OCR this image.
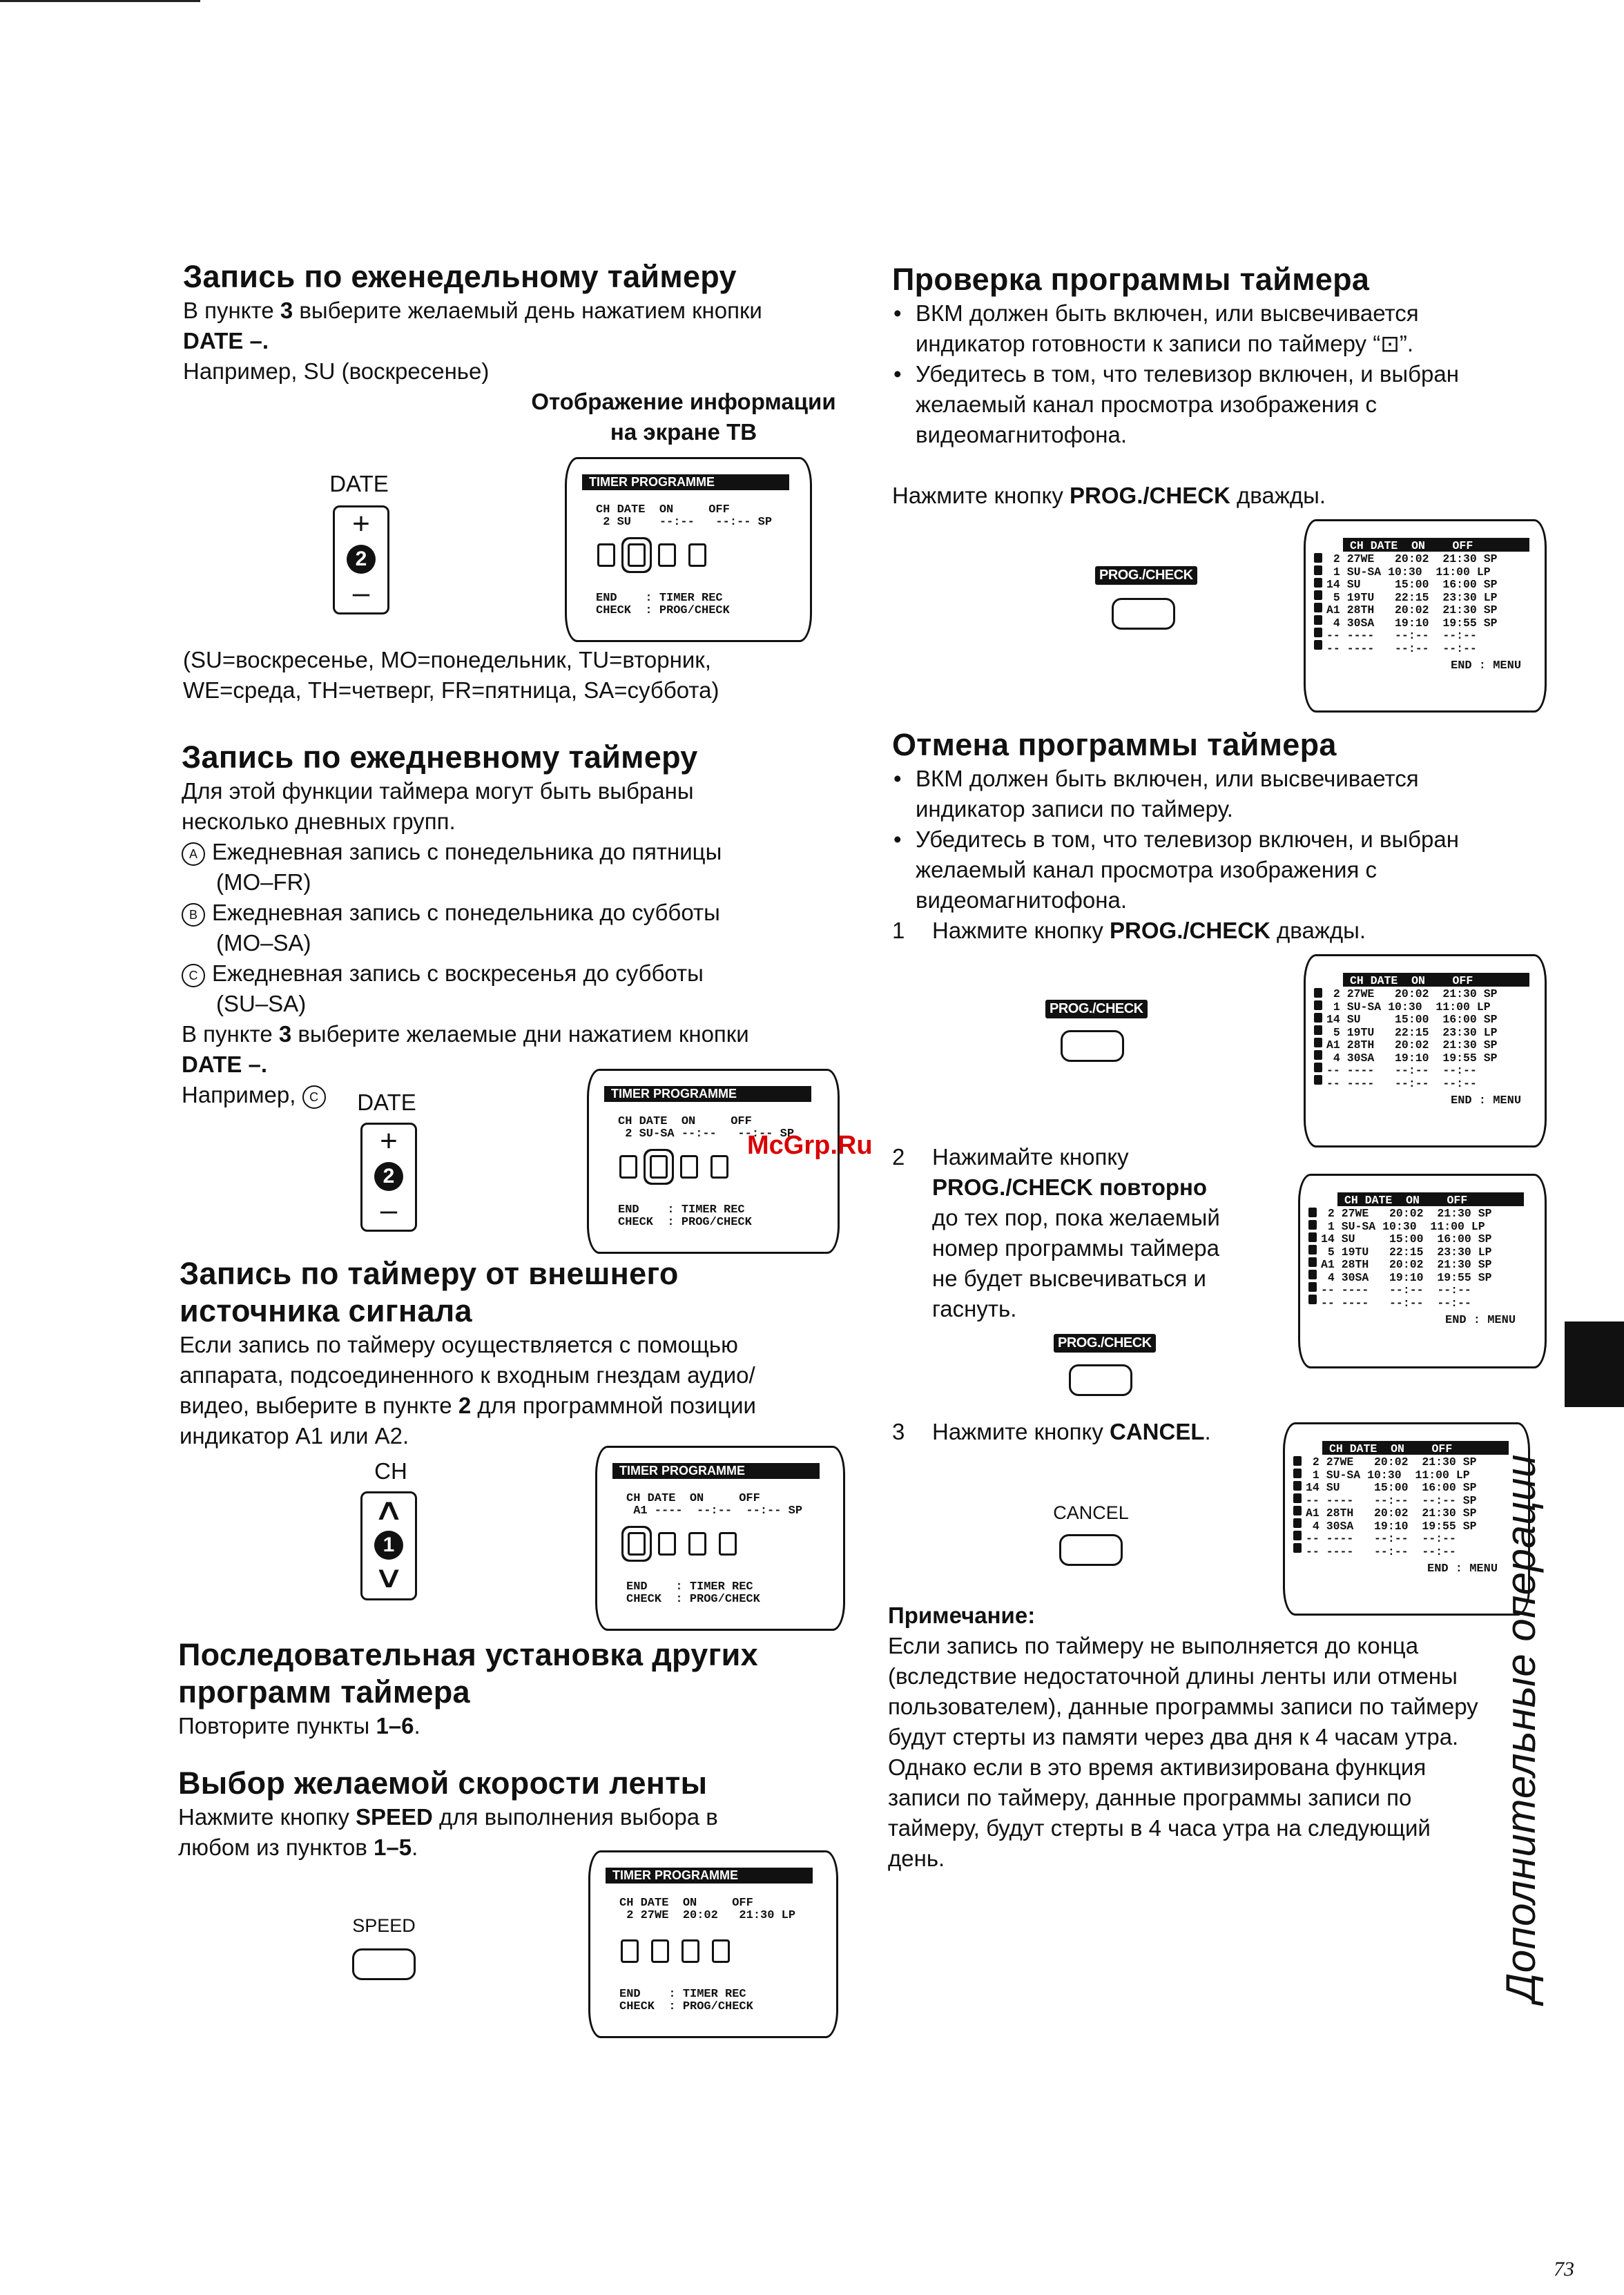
Запись по еженедельному таймеру

В пункте 3 выберите желаемый день нажатием кнопки

DATE –.

Например, SU (воскресенье)

Отображение информации
на экране ТВ
DATE
+
2
–
TIMER PROGRAMME
CH DATE  ON     OFF
2 SU    --:--   --:-- SP
END    : TIMER REC
CHECK  : PROG/CHECK

(SU=воскресенье, MO=понедельник, TU=вторник,

WE=среда, TH=четверг, FR=пятница, SA=суббота)

Запись по ежедневному таймеру

Для этой функции таймера могут быть выбраны

несколько дневных групп.

A Ежедневная запись с понедельника до пятницы

(MO–FR)

B Ежедневная запись с понедельника до субботы

(MO–SA)

C Ежедневная запись с воскресенья до субботы

(SU–SA)

В пункте 3 выберите желаемые дни нажатием кнопки

DATE –.

Например, C	DATE
+
2
–
TIMER PROGRAMME
CH DATE  ON     OFF
2 SU-SA --:--   --:-- SP
END    : TIMER REC
CHECK  : PROG/CHECK
McGrp.Ru
Запись по таймеру от внешнего
источника сигнала

Если запись по таймеру осуществляется с помощью

аппарата, подсоединенного к входным гнездам аудио/

видео, выберите в пункте 2 для программной позиции

индикатор A1 или A2.

CH
∧
1
∨
TIMER PROGRAMME
CH DATE  ON     OFF
A1 ----  --:--  --:-- SP
END    : TIMER REC
CHECK  : PROG/CHECK
Последовательная установка других
программ таймера

Повторите пункты 1–6.

Выбор желаемой скорости ленты

Нажмите кнопку SPEED для выполнения выбора в

любом из пунктов 1–5.

SPEED
TIMER PROGRAMME
CH DATE  ON     OFF
2 27WE  20:02   21:30 LP
END    : TIMER REC
CHECK  : PROG/CHECK
Проверка программы таймера

• ВКМ должен быть включен, или высвечивается

индикатор готовности к записи по таймеру “⊡”.

• Убедитесь в том, что телевизор включен, и выбран

желаемый канал просмотра изображения с

видеомагнитофона.

Нажмите кнопку PROG./CHECK дважды.

PROG./CHECK
CH DATE  ON    OFF
2 27WE   20:02  21:30 SP
1 SU-SA 10:30  11:00 LP
14 SU     15:00  16:00 SP
5 19TU   22:15  23:30 LP
A1 28TH   20:02  21:30 SP
4 30SA   19:10  19:55 SP
-- ----   --:--  --:--
-- ----   --:--  --:--
END : MENU
Отмена программы таймера

• ВКМ должен быть включен, или высвечивается

индикатор записи по таймеру.

• Убедитесь в том, что телевизор включен, и выбран

желаемый канал просмотра изображения с

видеомагнитофона.

1 Нажмите кнопку PROG./CHECK дважды.

PROG./CHECK
CH DATE  ON    OFF
2 27WE   20:02  21:30 SP
1 SU-SA 10:30  11:00 LP
14 SU     15:00  16:00 SP
5 19TU   22:15  23:30 LP
A1 28TH   20:02  21:30 SP
4 30SA   19:10  19:55 SP
-- ----   --:--  --:--
-- ----   --:--  --:--
END : MENU

2 Нажимайте кнопку

PROG./CHECK повторно

до тех пор, пока желаемый

номер программы таймера

не будет высвечиваться и

гаснуть.

PROG./CHECK
CH DATE  ON    OFF
2 27WE   20:02  21:30 SP
1 SU-SA 10:30  11:00 LP
14 SU     15:00  16:00 SP
5 19TU   22:15  23:30 LP
A1 28TH   20:02  21:30 SP
4 30SA   19:10  19:55 SP
-- ----   --:--  --:--
-- ----   --:--  --:--
END : MENU
3 Нажмите кнопку CANCEL.
CANCEL
CH DATE  ON    OFF
2 27WE   20:02  21:30 SP
1 SU-SA 10:30  11:00 LP
14 SU     15:00  16:00 SP
-- ----   --:--  --:-- SP
A1 28TH   20:02  21:30 SP
4 30SA   19:10  19:55 SP
-- ----   --:--  --:--
-- ----   --:--  --:--
END : MENU

Примечание:

Если запись по таймеру не выполняется до конца

(вследствие недостаточной длины ленты или отмены

пользователем), данные программы записи по таймеру

будут стерты из памяти через два дня к 4 часам утра.

Однако если в это время активизирована функция

записи по таймеру, данные программы записи по

таймеру, будут стерты в 4 часа утра на следующий

день.	Дополнительные операции
73
